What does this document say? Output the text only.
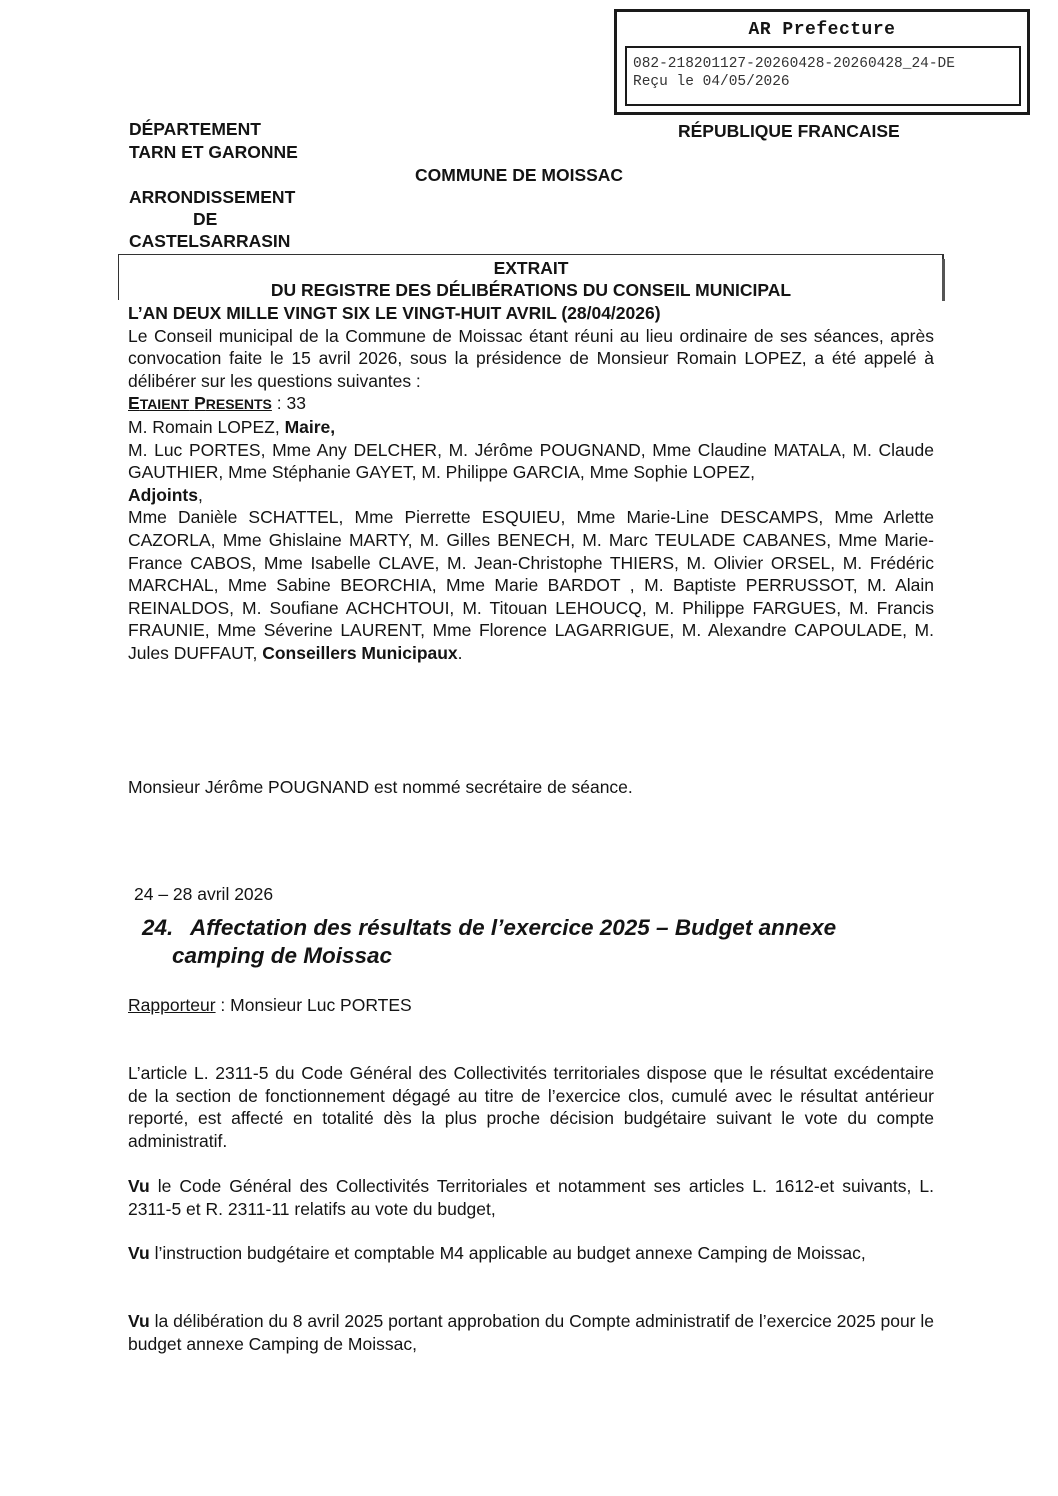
AR Prefecture
082-218201127-20260428-20260428_24-DE
Reçu le 04/05/2026
DÉPARTEMENT
TARN ET GARONNE
RÉPUBLIQUE FRANCAISE
COMMUNE DE MOISSAC
ARRONDISSEMENT
DE
CASTELSARRASIN
EXTRAIT
DU REGISTRE DES DÉLIBÉRATIONS DU CONSEIL MUNICIPAL

L’AN DEUX MILLE VINGT SIX LE VINGT-HUIT AVRIL (28/04/2026)

Le Conseil municipal de la Commune de Moissac étant réuni au lieu ordinaire de ses séances, après convocation faite le 15 avril 2026, sous la présidence de Monsieur Romain LOPEZ, a été appelé à délibérer sur les questions suivantes :

ETAIENT PRESENTS : 33

M. Romain LOPEZ, Maire,

M. Luc PORTES, Mme Any DELCHER, M. Jérôme POUGNAND, Mme Claudine MATALA, M. Claude GAUTHIER, Mme Stéphanie GAYET, M. Philippe GARCIA, Mme Sophie LOPEZ,
Adjoints,

Mme Danièle SCHATTEL, Mme Pierrette ESQUIEU, Mme Marie-Line DESCAMPS, Mme Arlette CAZORLA, Mme Ghislaine MARTY, M. Gilles BENECH, M. Marc TEULADE CABANES, Mme Marie-France CABOS, Mme Isabelle CLAVE, M. Jean-Christophe THIERS, M. Olivier ORSEL, M. Frédéric MARCHAL, Mme Sabine BEORCHIA, Mme Marie BARDOT , M. Baptiste PERRUSSOT, M. Alain REINALDOS, M. Soufiane ACHCHTOUI, M. Titouan LEHOUCQ, M. Philippe FARGUES, M. Francis FRAUNIE, Mme Séverine LAURENT, Mme Florence LAGARRIGUE, M. Alexandre CAPOULADE, M. Jules DUFFAUT, Conseillers Municipaux.

Monsieur Jérôme POUGNAND est nommé secrétaire de séance.
24 – 28 avril 2026
24. Affectation des résultats de l’exercice 2025 – Budget annexe
camping de Moissac
Rapporteur : Monsieur Luc PORTES
L’article L. 2311-5 du Code Général des Collectivités territoriales dispose que le résultat excédentaire de la section de fonctionnement dégagé au titre de l’exercice clos, cumulé avec le résultat antérieur reporté, est affecté en totalité dès la plus proche décision budgétaire suivant le vote du compte administratif.
Vu le Code Général des Collectivités Territoriales et notamment ses articles L. 1612-et suivants, L. 2311-5 et R. 2311-11 relatifs au vote du budget,
Vu l’instruction budgétaire et comptable M4 applicable au budget annexe Camping de Moissac,
Vu la délibération du 8 avril 2025 portant approbation du Compte administratif de l’exercice 2025 pour le budget annexe Camping de Moissac,
